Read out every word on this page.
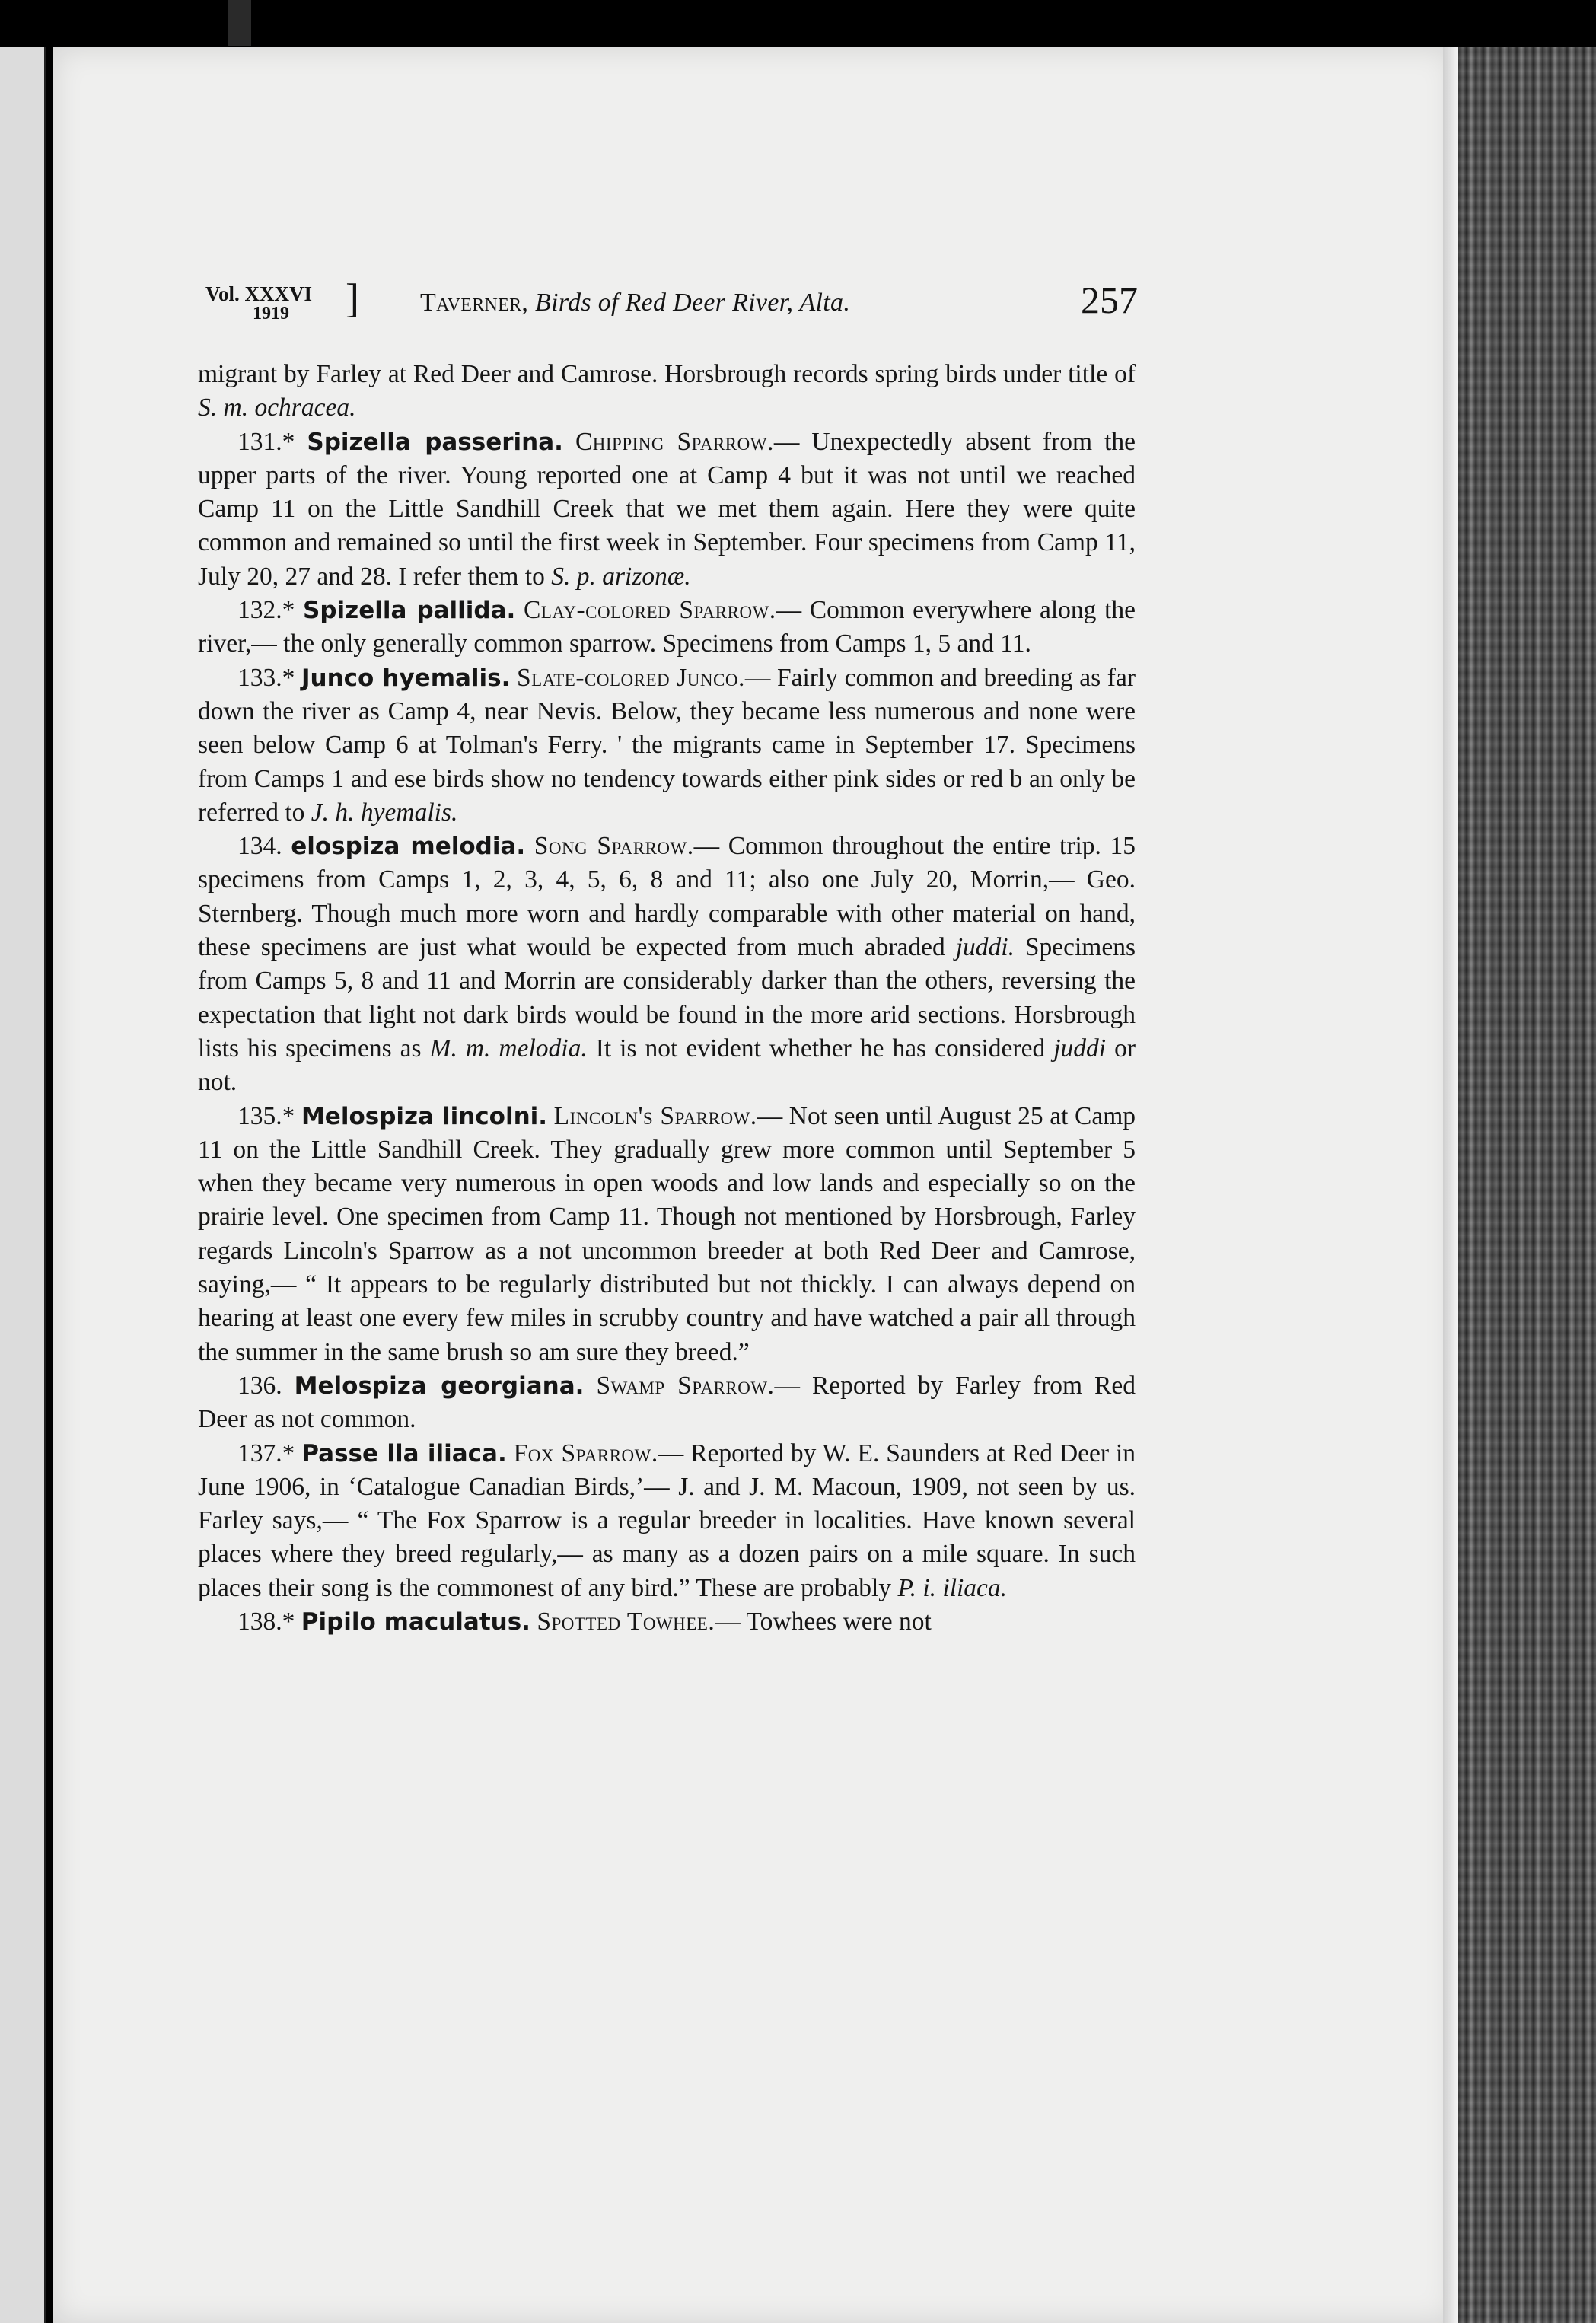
Vol. XXXVI
1919	] Taverner, Birds of Red Deer River, Alta.	257

migrant by Farley at Red Deer and Camrose. Horsbrough records spring birds under title of S. m. ochracea.

131.* Spizella passerina. Chipping Sparrow.— Unexpectedly absent from the upper parts of the river. Young reported one at Camp 4 but it was not until we reached Camp 11 on the Little Sandhill Creek that we met them again. Here they were quite common and remained so until the first week in September. Four specimens from Camp 11, July 20, 27 and 28. I refer them to S. p. arizonæ.

132.* Spizella pallida. Clay-colored Sparrow.— Common everywhere along the river,— the only generally common sparrow. Specimens from Camps 1, 5 and 11.

133.* Junco hyemalis. Slate-colored Junco.— Fairly common and breeding as far down the river as Camp 4, near Nevis. Below, they became less numerous and none were seen below Camp 6 at Tolman's Ferry. ' the migrants came in September 17. Specimens from Camps 1 and ese birds show no tendency towards either pink sides or red b an only be referred to J. h. hyemalis.

134. elospiza melodia. Song Sparrow.— Common throughout the entire trip. 15 specimens from Camps 1, 2, 3, 4, 5, 6, 8 and 11; also one July 20, Morrin,— Geo. Sternberg. Though much more worn and hardly comparable with other material on hand, these specimens are just what would be expected from much abraded juddi. Specimens from Camps 5, 8 and 11 and Morrin are considerably darker than the others, reversing the expectation that light not dark birds would be found in the more arid sections. Horsbrough lists his specimens as M. m. melodia. It is not evident whether he has considered juddi or not.

135.* Melospiza lincolni. Lincoln's Sparrow.— Not seen until August 25 at Camp 11 on the Little Sandhill Creek. They gradually grew more common until September 5 when they became very numerous in open woods and low lands and especially so on the prairie level. One specimen from Camp 11. Though not mentioned by Horsbrough, Farley regards Lincoln's Sparrow as a not uncommon breeder at both Red Deer and Camrose, saying,— “ It appears to be regularly distributed but not thickly. I can always depend on hearing at least one every few miles in scrubby country and have watched a pair all through the summer in the same brush so am sure they breed.”

136. Melospiza georgiana. Swamp Sparrow.— Reported by Farley from Red Deer as not common.

137.* Passe lla iliaca. Fox Sparrow.— Reported by W. E. Saunders at Red Deer in June 1906, in ‘Catalogue Canadian Birds,’— J. and J. M. Macoun, 1909, not seen by us. Farley says,— “ The Fox Sparrow is a regular breeder in localities. Have known several places where they breed regularly,— as many as a dozen pairs on a mile square. In such places their song is the commonest of any bird.” These are probably P. i. iliaca.

138.* Pipilo maculatus. Spotted Towhee.— Towhees were not
